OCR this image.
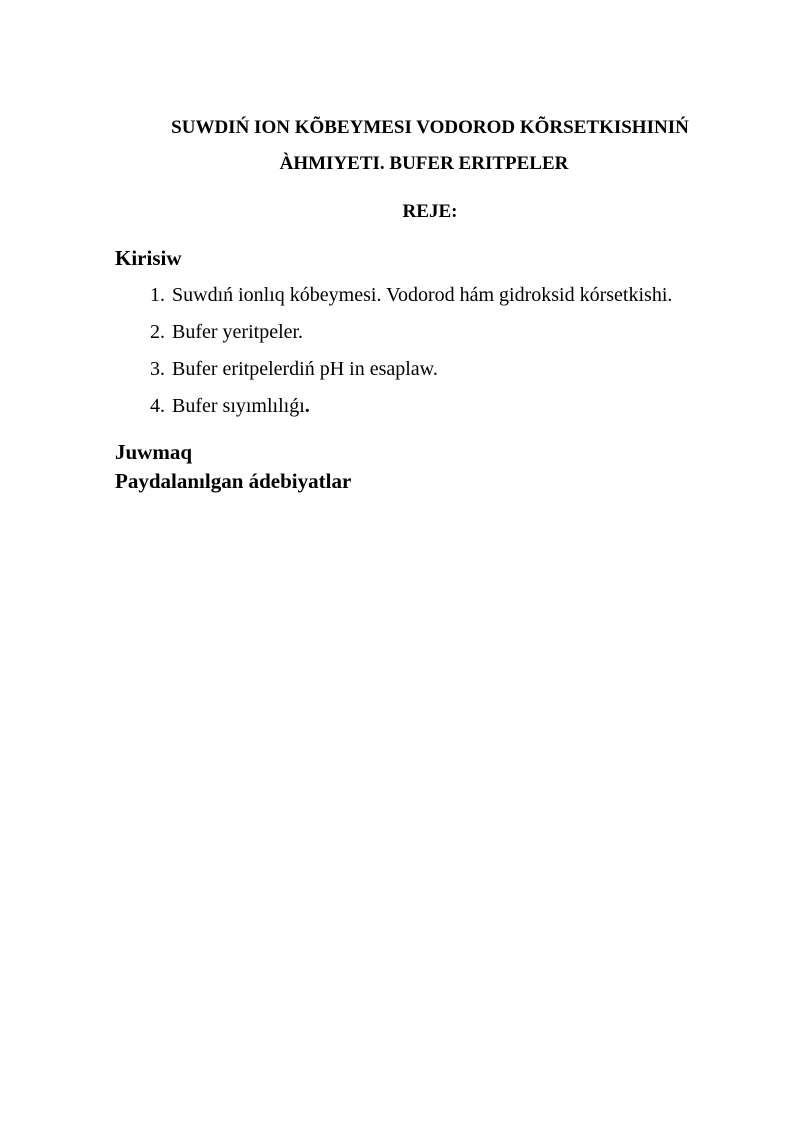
SUWDIŃ ION KÕBEYMESI VODOROD KÕRSETKISHINIŃ
ÀHMIYETI. BUFER ERITPELER
REJE:
Kirisiw
1. Suwdıń ionlıq kóbeymesi. Vodorod hám gidroksid kórsetkishi.
2. Bufer yeritpeler.
3. Bufer eritpelerdiń pH in esaplaw.
4. Bufer sıyımlılıǵı.
Juwmaq
Paydalanılgan ádebiyatlar
